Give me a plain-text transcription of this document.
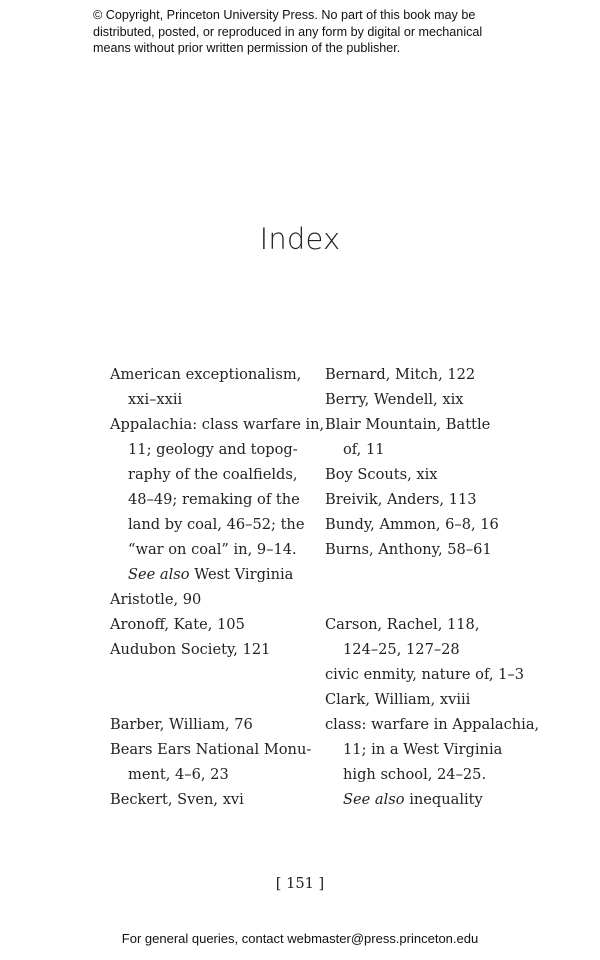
© Copyright, Princeton University Press. No part of this book may be
distributed, posted, or reproduced in any form by digital or mechanical
means without prior written permission of the publisher.
Index
American exceptionalism,
xxi–xxii
Appalachia: class warfare in,
11; geology and topog-
raphy of the coalfields,
48–49; remaking of the
land by coal, 46–52; the
“war on coal” in, 9–14.
See also West Virginia
Aristotle, 90
Aronoff, Kate, 105
Audubon Society, 121
Barber, William, 76
Bears Ears National Monu-
ment, 4–6, 23
Beckert, Sven, xvi
Bernard, Mitch, 122
Berry, Wendell, xix
Blair Mountain, Battle
of, 11
Boy Scouts, xix
Breivik, Anders, 113
Bundy, Ammon, 6–8, 16
Burns, Anthony, 58–61
Carson, Rachel, 118,
124–25, 127–28
civic enmity, nature of, 1–3
Clark, William, xviii
class: warfare in Appalachia,
11; in a West Virginia
high school, 24–25.
See also inequality
[ 151 ]
For general queries, contact webmaster@press.princeton.edu
